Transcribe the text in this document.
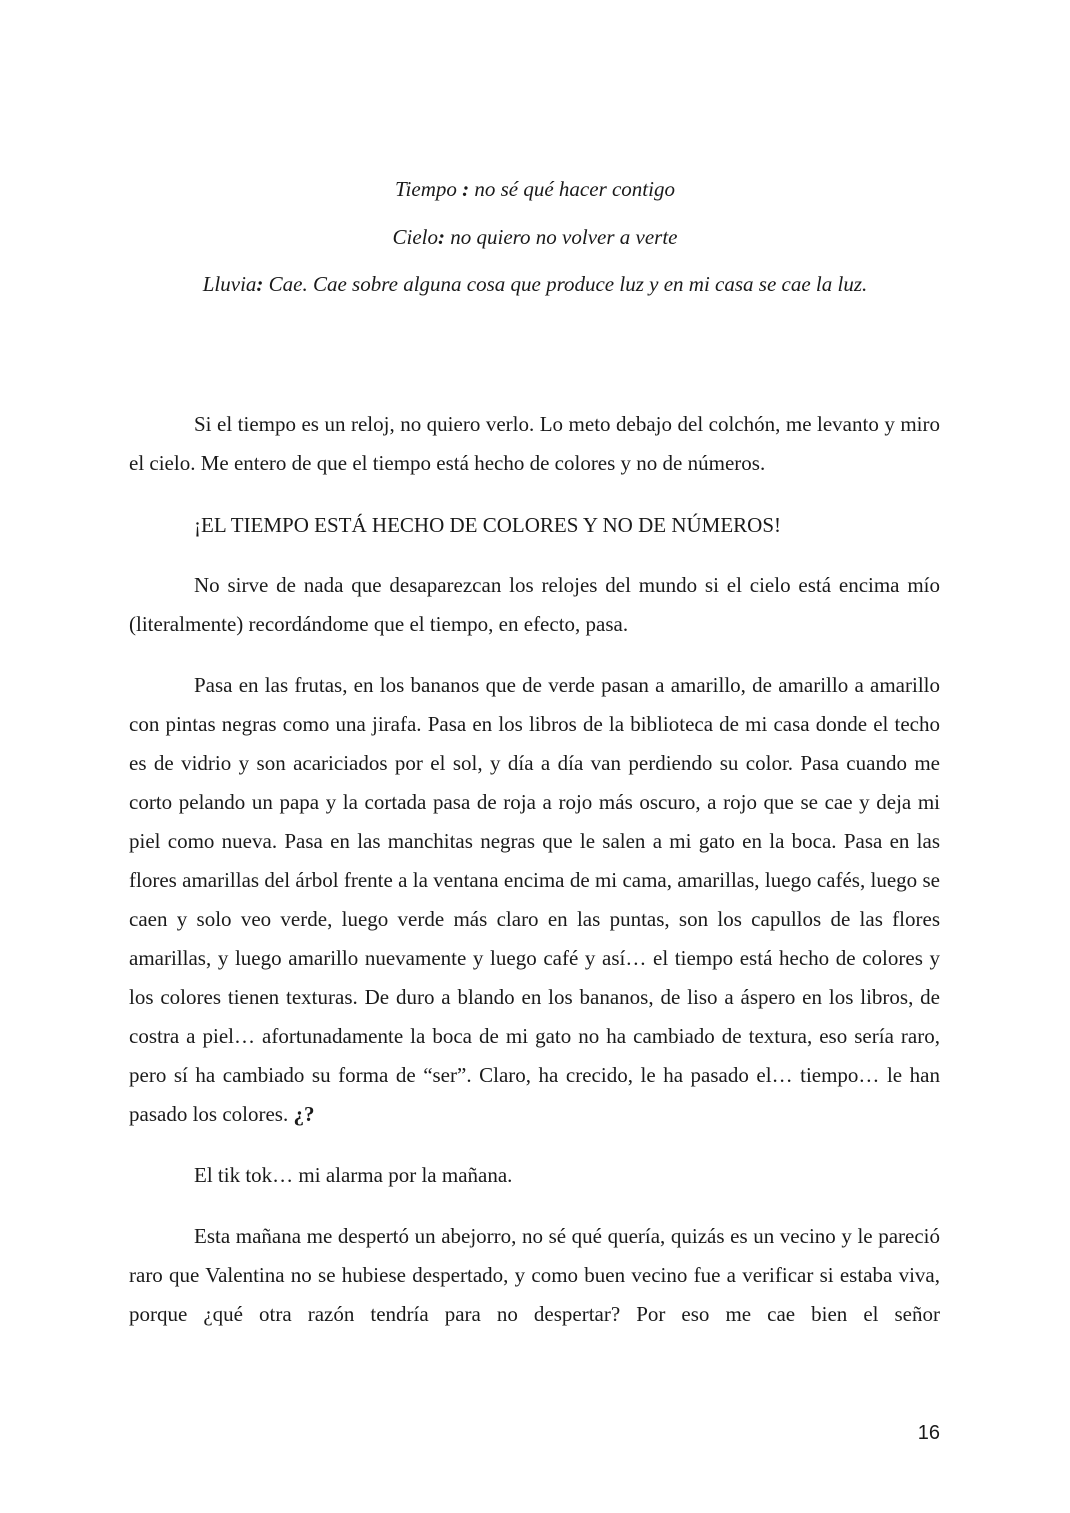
Tiempo : no sé qué hacer contigo
Cielo: no quiero no volver a verte
Lluvia: Cae. Cae sobre alguna cosa que produce luz y en mi casa se cae la luz.

Si el tiempo es un reloj, no quiero verlo. Lo meto debajo del colchón, me levanto y miro el cielo. Me entero de que el tiempo está hecho de colores y no de números.

¡EL TIEMPO ESTÁ HECHO DE COLORES Y NO DE NÚMEROS!

No sirve de nada que desaparezcan los relojes del mundo si el cielo está encima mío (literalmente) recordándome que el tiempo, en efecto, pasa.

Pasa en las frutas, en los bananos que de verde pasan a amarillo, de amarillo a amarillo con pintas negras como una jirafa. Pasa en los libros de la biblioteca de mi casa donde el techo es de vidrio y son acariciados por el sol, y día a día van perdiendo su color. Pasa cuando me corto pelando un papa y la cortada pasa de roja a rojo más oscuro, a rojo que se cae y deja mi piel como nueva. Pasa en las manchitas negras que le salen a mi gato en la boca. Pasa en las flores amarillas del árbol frente a la ventana encima de mi cama, amarillas, luego cafés, luego se caen y solo veo verde, luego verde más claro en las puntas, son los capullos de las flores amarillas, y luego amarillo nuevamente y luego café y así… el tiempo está hecho de colores y los colores tienen texturas. De duro a blando en los bananos, de liso a áspero en los libros, de costra a piel… afortunadamente la boca de mi gato no ha cambiado de textura, eso sería raro, pero sí ha cambiado su forma de “ser”. Claro, ha crecido, le ha pasado el… tiempo… le han pasado los colores. ¿?

El tik tok… mi alarma por la mañana.

Esta mañana me despertó un abejorro, no sé qué quería, quizás es un vecino y le pareció raro que Valentina no se hubiese despertado, y como buen vecino fue a verificar si estaba viva, porque ¿qué otra razón tendría para no despertar? Por eso me cae bien el señor

16
